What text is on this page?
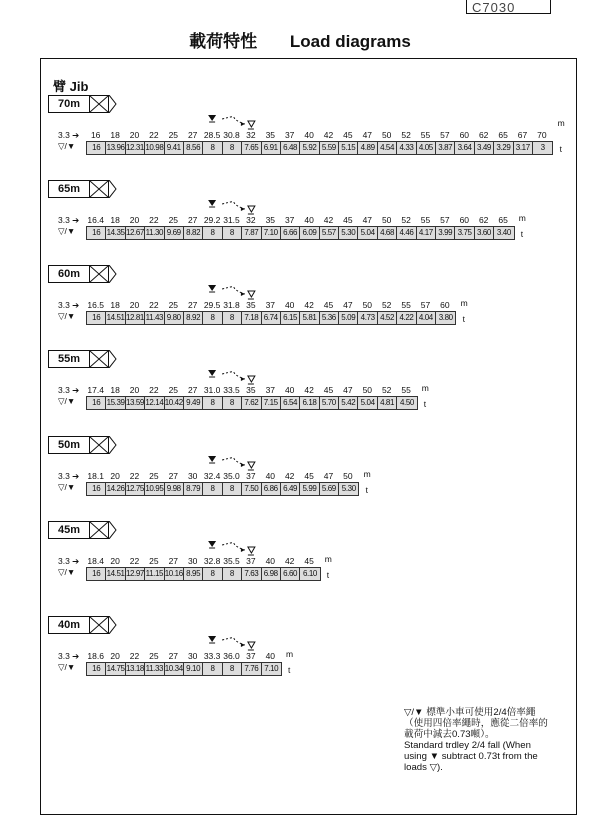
C7030
載荷特性 Load diagrams
臂 Jib
70m
3.3 ➔
▽/▼
16 18 20 22 25 27 28.5 30.8 32 35 37 40 42 45 47 50 52 55 57 60 62 65 67 70
m
16 13.96 12.31 10.98 9.41 8.56	8	8	7.65 6.91 6.48 5.92 5.59 5.15 4.89 4.54 4.33 4.05 3.87 3.64 3.49 3.29 3.17	3	t
65m
3.3 ➔
▽/▼
16.4 18 20 22 25 27 29.2 31.5 32 35 37 40 42 45 47 50 52 55 57 60 62 65 m
16 14.35 12.67 11.30 9.69 8.82	8	8	7.87 7.10 6.66 6.09 5.57 5.30 5.04 4.68 4.46 4.17 3.99 3.75 3.60 3.40	t
60m
3.3 ➔
▽/▼
16.5 18 20 22 25 27 29.5 31.8 35 37 40 42 45 47 50 52 55 57 60 m
16 14.51 12.81 11.43 9.80 8.92	8	8	7.18 6.74 6.15 5.81 5.36 5.09 4.73 4.52 4.22 4.04 3.80	t
55m
3.3 ➔
▽/▼
17.4 18 20 22 25 27 31.0 33.5 35 37 40 42 45 47 50 52 55 m
16 15.39 13.59 12.14 10.42 9.49	8	8	7.62 7.15 6.54 6.18 5.70 5.42 5.04 4.81 4.50	t
50m
3.3 ➔
▽/▼
18.1 20 22 25 27 30 32.4 35.0 37 40 42 45 47 50 m
16 14.26 12.75 10.95 9.98 8.79	8	8	7.50 6.86 6.49 5.99 5.69 5.30	t
45m
3.3 ➔
▽/▼
18.4 20 22 25 27 30 32.8 35.5 37 40 42 45 m
16 14.51 12.97 11.15 10.16 8.95	8	8	7.63 6.98 6.60 6.10	t
40m
3.3 ➔
▽/▼
18.6 20 22 25 27 30 33.3 36.0 37 40 m
16 14.75 13.18 11.33 10.34 9.10	8	8	7.76 7.10	t
▽/▼ 標準小車可使用2/4倍率繩（使用四倍率繩時，應從二倍率的載荷中減去0.73噸）。
Standard trdley 2/4 fall (When using ▼ subtract 0.73t from the loads ▽).
